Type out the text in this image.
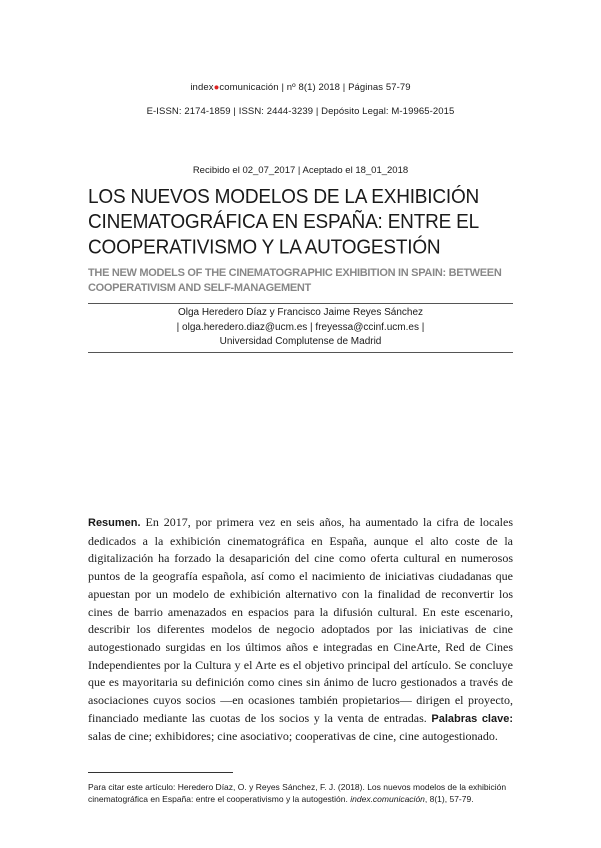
index●comunicación | nº 8(1) 2018 | Páginas 57-79
E-ISSN: 2174-1859 | ISSN: 2444-3239 | Depósito Legal: M-19965-2015
Recibido el 02_07_2017 | Aceptado el 18_01_2018
LOS NUEVOS MODELOS DE LA EXHIBICIÓN CINEMATOGRÁFICA EN ESPAÑA: ENTRE EL COOPERATIVISMO Y LA AUTOGESTIÓN
THE NEW MODELS OF THE CINEMATOGRAPHIC EXHIBITION IN SPAIN: BETWEEN COOPERATIVISM AND SELF-MANAGEMENT
Olga Heredero Díaz y Francisco Jaime Reyes Sánchez
| olga.heredero.diaz@ucm.es | freyessa@ccinf.ucm.es |
Universidad Complutense de Madrid

Resumen. En 2017, por primera vez en seis años, ha aumentado la cifra de locales dedicados a la exhibición cinematográfica en España, aunque el alto coste de la digitalización ha forzado la desaparición del cine como oferta cultural en numerosos puntos de la geografía española, así como el nacimiento de iniciativas ciudadanas que apuestan por un modelo de exhibición alternativo con la finalidad de reconvertir los cines de barrio amenazados en espacios para la difusión cultural. En este escenario, describir los diferentes modelos de negocio adoptados por las iniciativas de cine autogestionado surgidas en los últimos años e integradas en CineArte, Red de Cines Independientes por la Cultura y el Arte es el objetivo principal del artículo. Se concluye que es mayoritaria su definición como cines sin ánimo de lucro gestionados a través de asociaciones cuyos socios —en ocasiones también propietarios— dirigen el proyecto, financiado mediante las cuotas de los socios y la venta de entradas. Palabras clave: salas de cine; exhibidores; cine asociativo; cooperativas de cine, cine autogestionado.

Para citar este artículo: Heredero Díaz, O. y Reyes Sánchez, F. J. (2018). Los nuevos modelos de la exhibición cinematográfica en España: entre el cooperativismo y la autogestión. index.comunicación, 8(1), 57-79.
